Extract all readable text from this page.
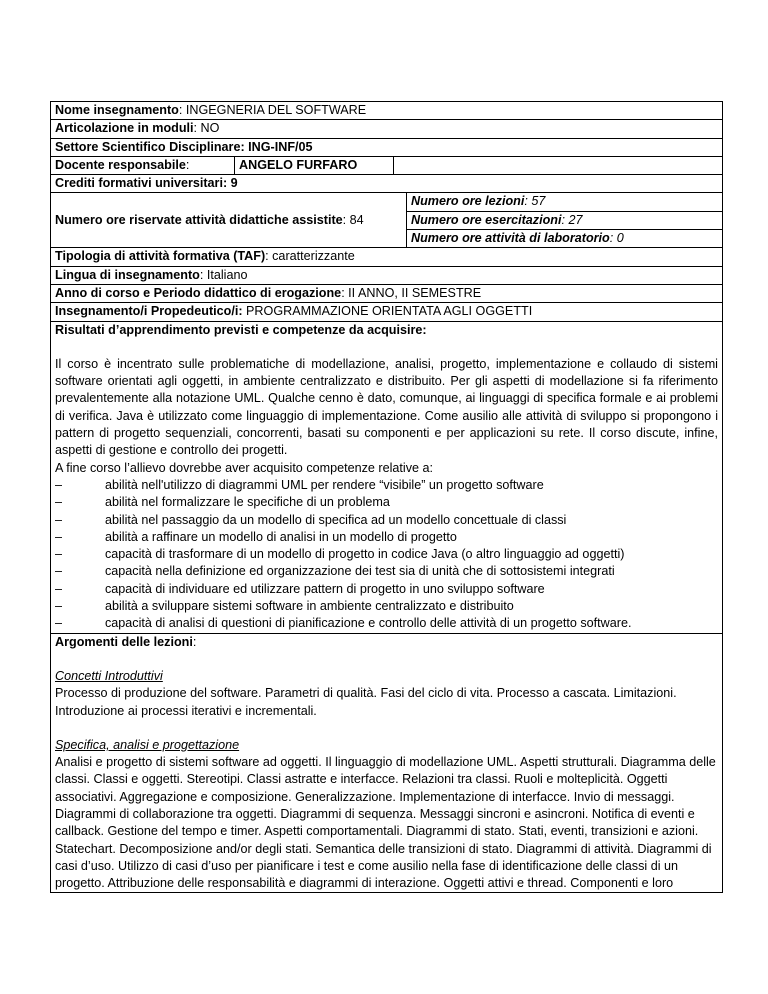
Nome insegnamento: INGEGNERIA DEL SOFTWARE
Articolazione in moduli: NO
Settore Scientifico Disciplinare: ING-INF/05
Docente responsabile:	ANGELO FURFARO
Crediti formativi universitari: 9
Numero ore riservate attività didattiche assistite: 84
Numero ore lezioni: 57
Numero ore esercitazioni: 27
Numero ore attività di laboratorio: 0
Tipologia di attività formativa (TAF): caratterizzante
Lingua di insegnamento: Italiano
Anno di corso e Periodo didattico di erogazione: II ANNO, II SEMESTRE
Insegnamento/i Propedeutico/i: PROGRAMMAZIONE ORIENTATA AGLI OGGETTI
Risultati d’apprendimento previsti e competenze da acquisire:
Il corso è incentrato sulle problematiche di modellazione, analisi, progetto, implementazione e collaudo di sistemi software orientati agli oggetti, in ambiente centralizzato e distribuito. Per gli aspetti di modellazione si fa riferimento prevalentemente alla notazione UML. Qualche cenno è dato, comunque, ai linguaggi di specifica formale e ai problemi di verifica. Java è utilizzato come linguaggio di implementazione. Come ausilio alle attività di sviluppo si propongono i pattern di progetto sequenziali, concorrenti, basati su componenti e per applicazioni su rete. Il corso discute, infine, aspetti di gestione e controllo dei progetti.
A fine corso l’allievo dovrebbe aver acquisito competenze relative a:
–	abilità nell'utilizzo di diagrammi UML per rendere “visibile” un progetto software
–	abilità nel formalizzare le specifiche di un problema
–	abilità nel passaggio da un modello di specifica ad un modello concettuale di classi
–	abilità a raffinare un modello di analisi in un modello di progetto
–	capacità di trasformare di un modello di progetto in codice Java (o altro linguaggio ad oggetti)
–	capacità nella definizione ed organizzazione dei test sia di unità che di sottosistemi integrati
–	capacità di individuare ed utilizzare pattern di progetto in uno sviluppo software
–	abilità a sviluppare sistemi software in ambiente centralizzato e distribuito
–	capacità di analisi di questioni di pianificazione e controllo delle attività di un progetto software.
Argomenti delle lezioni:
Concetti Introduttivi
Processo di produzione del software. Parametri di qualità. Fasi del ciclo di vita. Processo a cascata. Limitazioni. Introduzione ai processi iterativi e incrementali.
Specifica, analisi e progettazione
Analisi e progetto di sistemi software ad oggetti. Il linguaggio di modellazione UML. Aspetti strutturali. Diagramma delle classi. Classi e oggetti. Stereotipi. Classi astratte e interfacce. Relazioni tra classi. Ruoli e molteplicità. Oggetti associativi. Aggregazione e composizione. Generalizzazione. Implementazione di interfacce. Invio di messaggi. Diagrammi di collaborazione tra oggetti. Diagrammi di sequenza. Messaggi sincroni e asincroni. Notifica di eventi e callback. Gestione del tempo e timer. Aspetti comportamentali. Diagrammi di stato. Stati, eventi, transizioni e azioni. Statechart. Decomposizione and/or degli stati. Semantica delle transizioni di stato. Diagrammi di attività. Diagrammi di casi d’uso. Utilizzo di casi d’uso per pianificare i test e come ausilio nella fase di identificazione delle classi di un progetto. Attribuzione delle responsabilità e diagrammi di interazione. Oggetti attivi e thread. Componenti e loro
